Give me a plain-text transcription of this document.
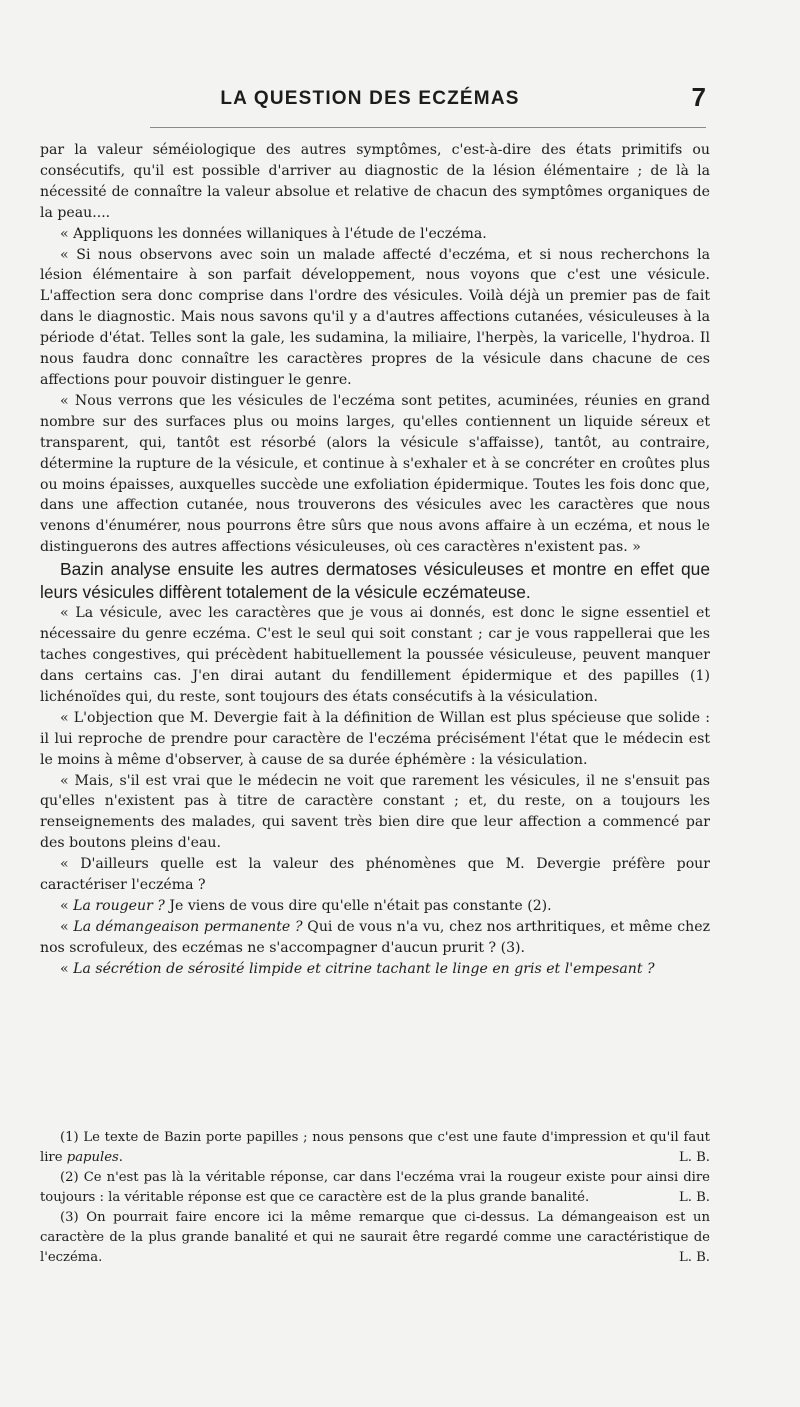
LA QUESTION DES ECZÉMAS	7

par la valeur séméiologique des autres symptômes, c'est-à-dire des états primitifs ou consécutifs, qu'il est possible d'arriver au diagnostic de la lésion élémentaire ; de là la nécessité de connaître la valeur absolue et relative de chacun des symptômes organiques de la peau....

« Appliquons les données willaniques à l'étude de l'eczéma.

« Si nous observons avec soin un malade affecté d'eczéma, et si nous recherchons la lésion élémentaire à son parfait développement, nous voyons que c'est une vésicule. L'affection sera donc comprise dans l'ordre des vésicules. Voilà déjà un premier pas de fait dans le diagnostic. Mais nous savons qu'il y a d'autres affections cutanées, vésiculeuses à la période d'état. Telles sont la gale, les sudamina, la miliaire, l'herpès, la varicelle, l'hydroa. Il nous faudra donc connaître les caractères propres de la vésicule dans chacune de ces affections pour pouvoir distinguer le genre.

« Nous verrons que les vésicules de l'eczéma sont petites, acuminées, réunies en grand nombre sur des surfaces plus ou moins larges, qu'elles contiennent un liquide séreux et transparent, qui, tantôt est résorbé (alors la vésicule s'affaisse), tantôt, au contraire, détermine la rupture de la vésicule, et continue à s'exhaler et à se concréter en croûtes plus ou moins épaisses, auxquelles succède une exfoliation épidermique. Toutes les fois donc que, dans une affection cutanée, nous trouverons des vésicules avec les caractères que nous venons d'énumérer, nous pourrons être sûrs que nous avons affaire à un eczéma, et nous le distinguerons des autres affections vésiculeuses, où ces caractères n'existent pas. »

Bazin analyse ensuite les autres dermatoses vésiculeuses et montre en effet que leurs vésicules diffèrent totalement de la vésicule eczémateuse.

« La vésicule, avec les caractères que je vous ai donnés, est donc le signe essentiel et nécessaire du genre eczéma. C'est le seul qui soit constant ; car je vous rappellerai que les taches congestives, qui précèdent habituellement la poussée vésiculeuse, peuvent manquer dans certains cas. J'en dirai autant du fendillement épidermique et des papilles (1) lichénoïdes qui, du reste, sont toujours des états consécutifs à la vésiculation.

« L'objection que M. Devergie fait à la définition de Willan est plus spécieuse que solide : il lui reproche de prendre pour caractère de l'eczéma précisément l'état que le médecin est le moins à même d'observer, à cause de sa durée éphémère : la vésiculation.

« Mais, s'il est vrai que le médecin ne voit que rarement les vésicules, il ne s'ensuit pas qu'elles n'existent pas à titre de caractère constant ; et, du reste, on a toujours les renseignements des malades, qui savent très bien dire que leur affection a commencé par des boutons pleins d'eau.

« D'ailleurs quelle est la valeur des phénomènes que M. Devergie préfère pour caractériser l'eczéma ?

« La rougeur ? Je viens de vous dire qu'elle n'était pas constante (2).

« La démangeaison permanente ? Qui de vous n'a vu, chez nos arthritiques, et même chez nos scrofuleux, des eczémas ne s'accompagner d'aucun prurit ? (3).

« La sécrétion de sérosité limpide et citrine tachant le linge en gris et l'empesant ?

(1) Le texte de Bazin porte papilles ; nous pensons que c'est une faute d'impression et qu'il faut lire papules.	L. B.

(2) Ce n'est pas là la véritable réponse, car dans l'eczéma vrai la rougeur existe pour ainsi dire toujours : la véritable réponse est que ce caractère est de la plus grande banalité.	L. B.

(3) On pourrait faire encore ici la même remarque que ci-dessus. La démangeaison est un caractère de la plus grande banalité et qui ne saurait être regardé comme une caractéristique de l'eczéma.	L. B.
